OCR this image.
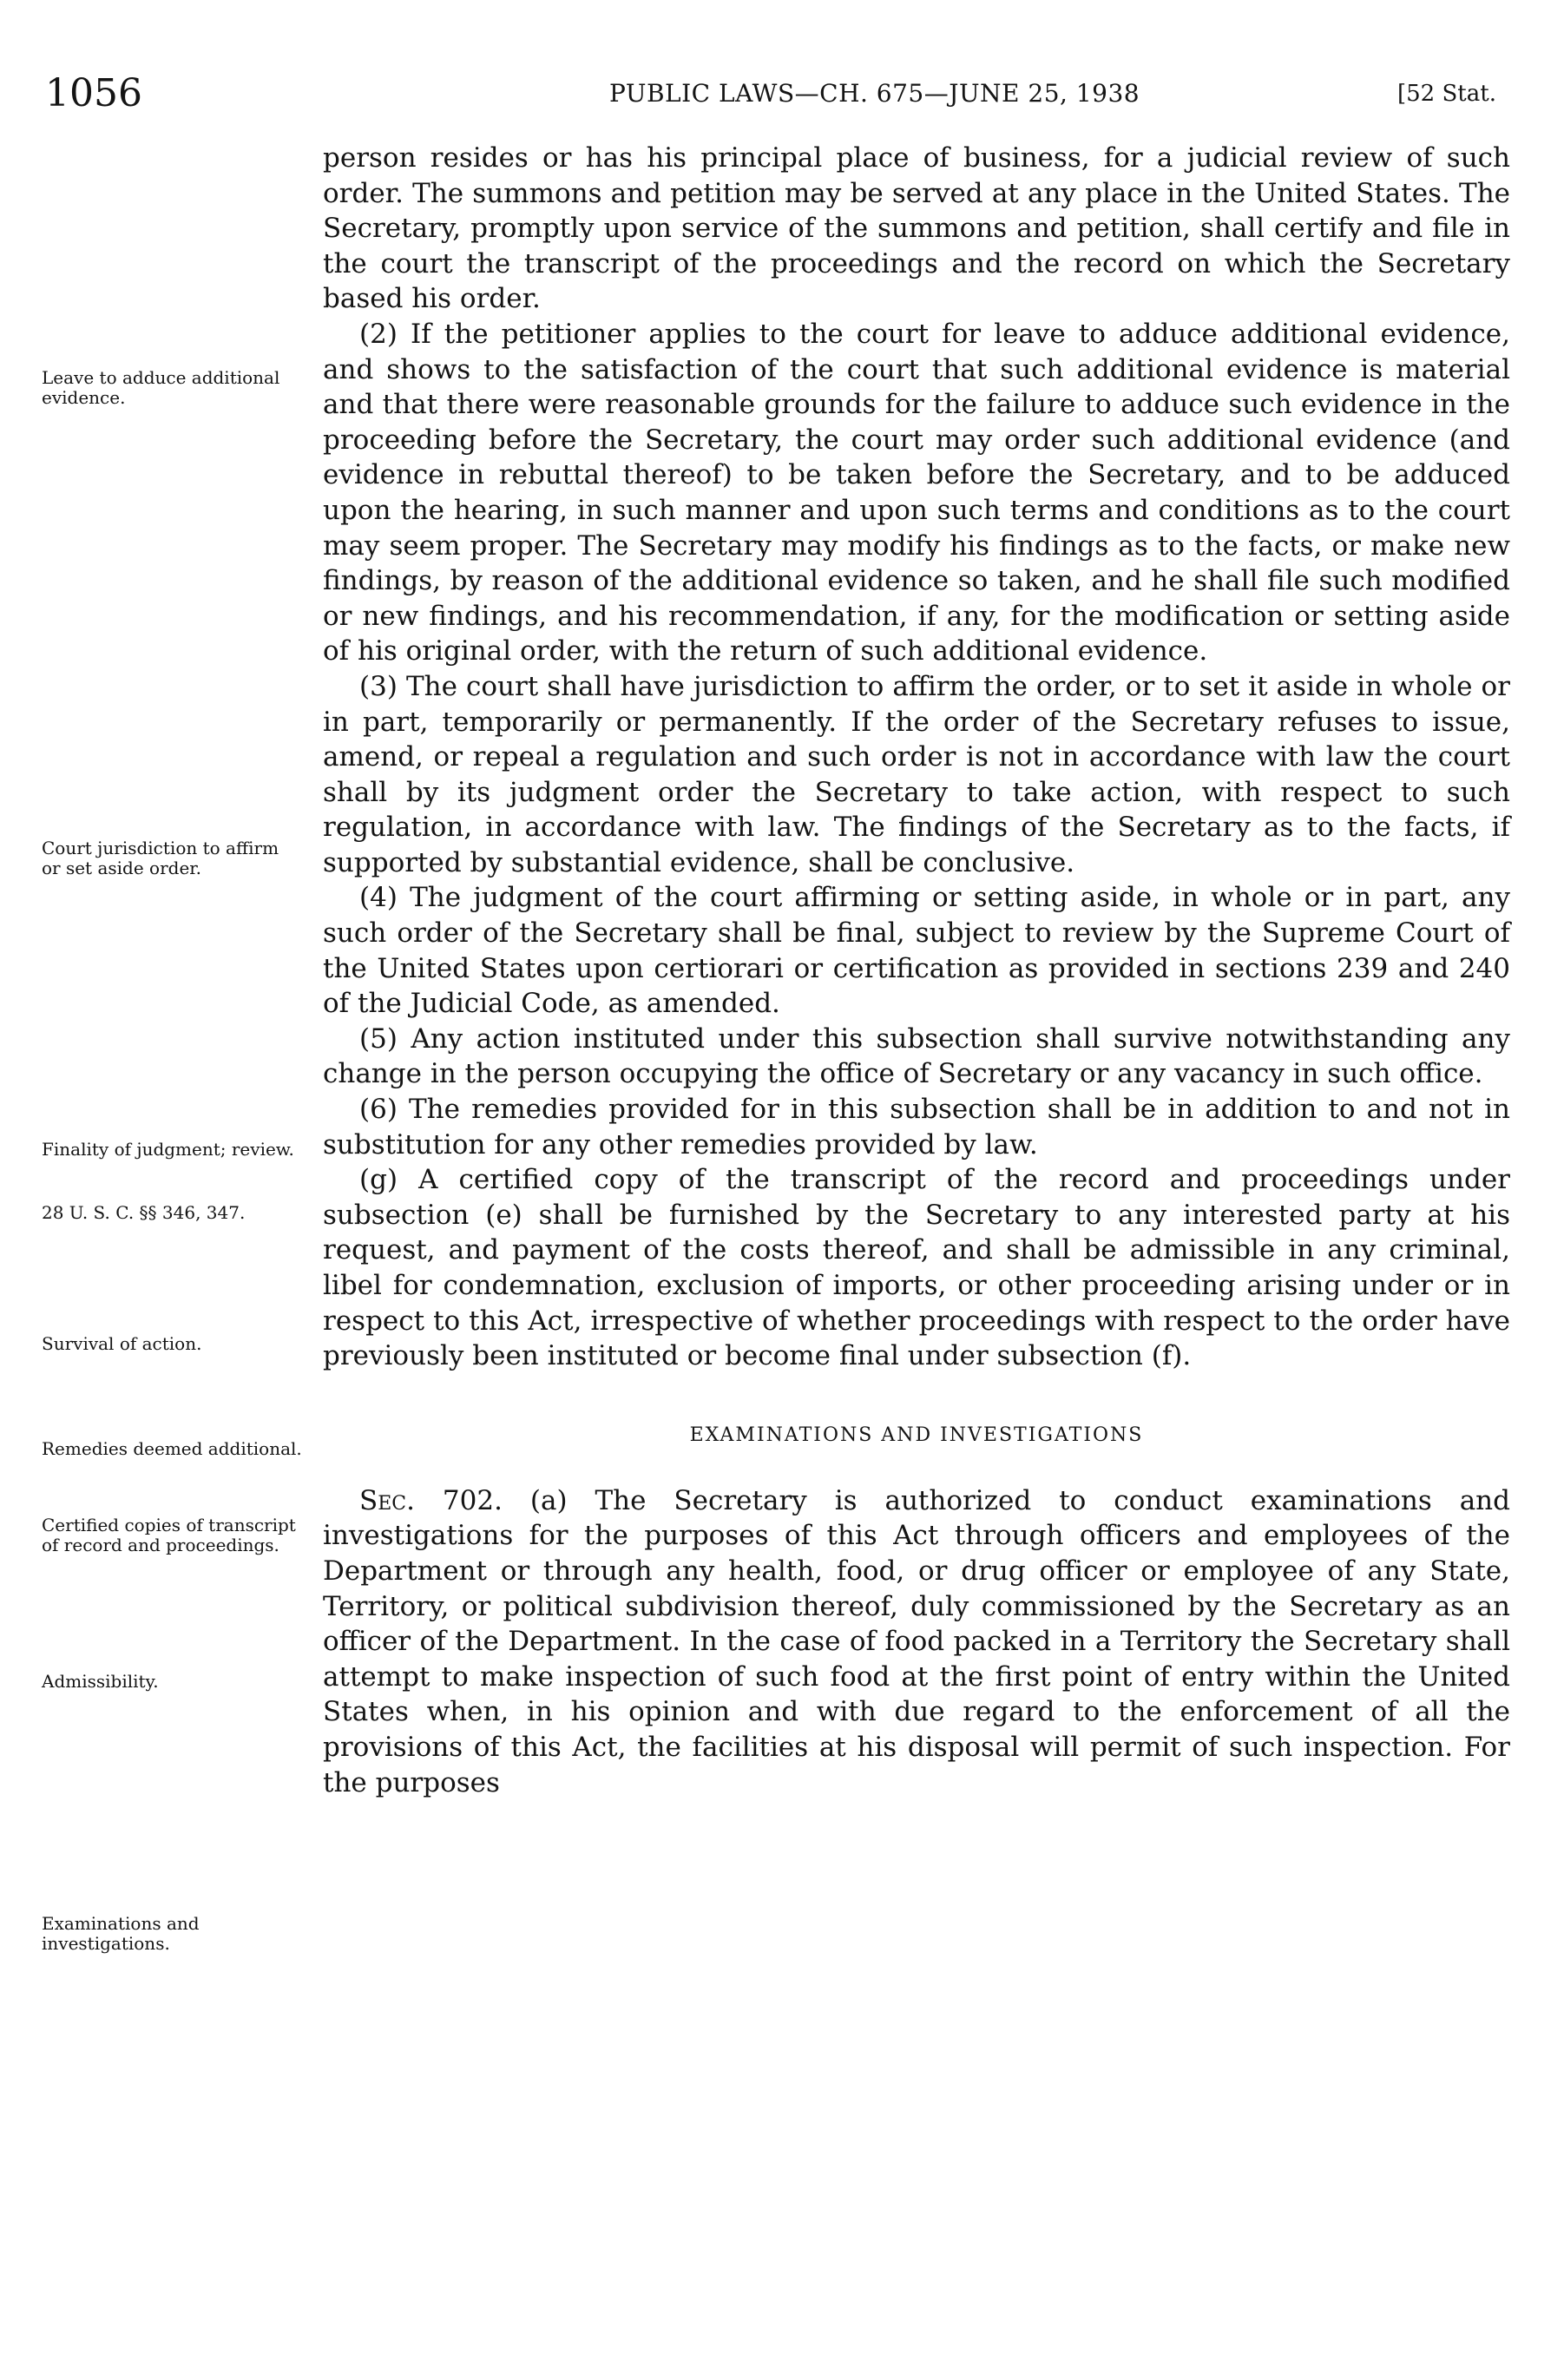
1056	PUBLIC LAWS—CH. 675—JUNE 25, 1938	[52 Stat.
Leave to adduce additional evidence.
Court jurisdiction to affirm or set aside order.
Finality of judgment; review.
28 U. S. C. §§ 346, 347.
Survival of action.
Remedies deemed additional.
Certified copies of transcript of record and proceedings.
Admissibility.
Examinations and investigations.

person resides or has his principal place of business, for a judicial review of such order. The summons and petition may be served at any place in the United States. The Secretary, promptly upon service of the summons and petition, shall certify and file in the court the transcript of the proceedings and the record on which the Secretary based his order.

(2) If the petitioner applies to the court for leave to adduce additional evidence, and shows to the satisfaction of the court that such additional evidence is material and that there were reasonable grounds for the failure to adduce such evidence in the proceeding before the Secretary, the court may order such additional evidence (and evidence in rebuttal thereof) to be taken before the Secretary, and to be adduced upon the hearing, in such manner and upon such terms and conditions as to the court may seem proper. The Secretary may modify his findings as to the facts, or make new findings, by reason of the additional evidence so taken, and he shall file such modified or new findings, and his recommendation, if any, for the modification or setting aside of his original order, with the return of such additional evidence.

(3) The court shall have jurisdiction to affirm the order, or to set it aside in whole or in part, temporarily or permanently. If the order of the Secretary refuses to issue, amend, or repeal a regulation and such order is not in accordance with law the court shall by its judgment order the Secretary to take action, with respect to such regulation, in accordance with law. The findings of the Secretary as to the facts, if supported by substantial evidence, shall be conclusive.

(4) The judgment of the court affirming or setting aside, in whole or in part, any such order of the Secretary shall be final, subject to review by the Supreme Court of the United States upon certiorari or certification as provided in sections 239 and 240 of the Judicial Code, as amended.

(5) Any action instituted under this subsection shall survive notwithstanding any change in the person occupying the office of Secretary or any vacancy in such office.

(6) The remedies provided for in this subsection shall be in addition to and not in substitution for any other remedies provided by law.

(g) A certified copy of the transcript of the record and proceedings under subsection (e) shall be furnished by the Secretary to any interested party at his request, and payment of the costs thereof, and shall be admissible in any criminal, libel for condemnation, exclusion of imports, or other proceeding arising under or in respect to this Act, irrespective of whether proceedings with respect to the order have previously been instituted or become final under subsection (f).

EXAMINATIONS AND INVESTIGATIONS

Sec. 702. (a) The Secretary is authorized to conduct examinations and investigations for the purposes of this Act through officers and employees of the Department or through any health, food, or drug officer or employee of any State, Territory, or political subdivision thereof, duly commissioned by the Secretary as an officer of the Department. In the case of food packed in a Territory the Secretary shall attempt to make inspection of such food at the first point of entry within the United States when, in his opinion and with due regard to the enforcement of all the provisions of this Act, the facilities at his disposal will permit of such inspection. For the purposes
